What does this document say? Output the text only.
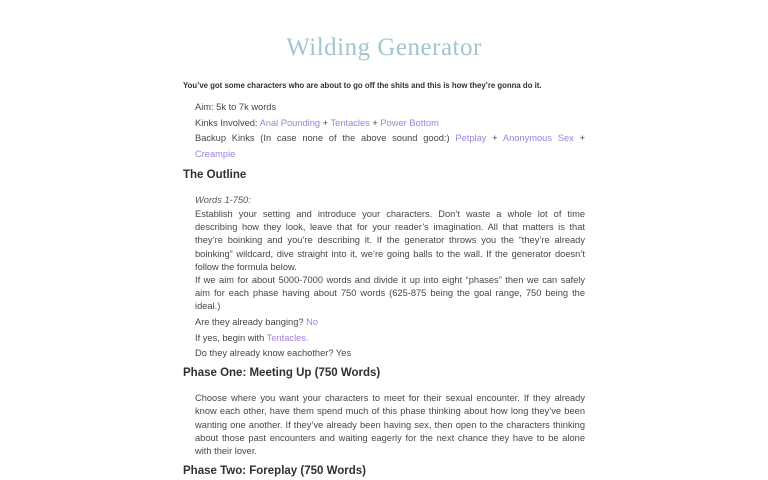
Wilding Generator

You’ve got some characters who are about to go off the shits and this is how they’re gonna do it.

Aim: 5k to 7k words

Kinks Involved: Anal Pounding + Tentacles + Power Bottom

Backup Kinks (In case none of the above sound good:) Petplay + Anonymous Sex +

Creampie

The Outline

Words 1-750:

Establish your setting and introduce your characters. Don’t waste a whole lot of time describing how they look, leave that for your reader’s imagination. All that matters is that they’re boinking and you’re describing it. If the generator throws you the “they’re already boinking” wildcard, dive straight into it, we’re going balls to the wall. If the generator doesn’t follow the formula below.

If we aim for about 5000-7000 words and divide it up into eight “phases” then we can safely aim for each phase having about 750 words (625-875 being the goal range, 750 being the ideal.)

Are they already banging? No

If yes, begin with Tentacles.

Do they already know eachother? Yes

Phase One: Meeting Up (750 Words)

Choose where you want your characters to meet for their sexual encounter. If they already know each other, have them spend much of this phase thinking about how long they’ve been wanting one another. If they’ve already been having sex, then open to the characters thinking about those past encounters and waiting eagerly for the next chance they have to be alone with their lover.

Phase Two: Foreplay (750 Words)
